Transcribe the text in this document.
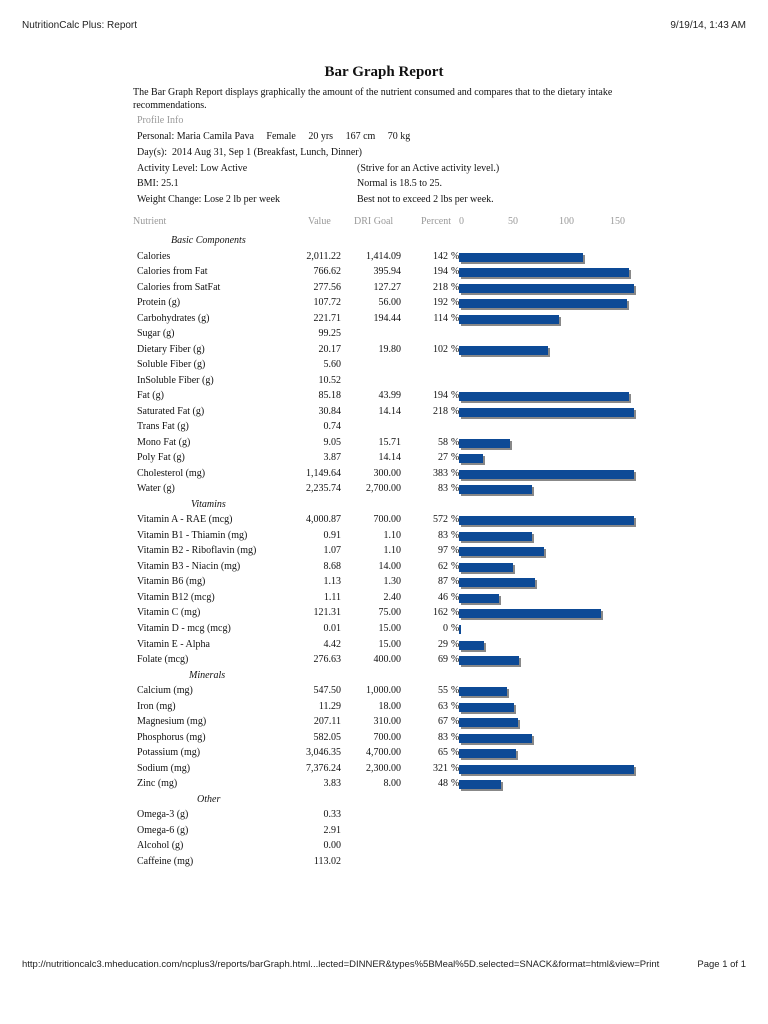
NutritionCalc Plus: Report	9/19/14, 1:43 AM
Bar Graph Report
The Bar Graph Report displays graphically the amount of the nutrient consumed and compares that to the dietary intake recommendations.
Profile Info
Personal: Maria Camila Pava     Female     20 yrs     167 cm     70 kg
Day(s):  2014 Aug 31, Sep 1 (Breakfast, Lunch, Dinner)
Activity Level: Low Active	(Strive for an Active activity level.)
BMI: 25.1	Normal is 18.5 to 25.
Weight Change: Lose 2 lb per week	Best not to exceed 2 lbs per week.
Nutrient	Value DRI Goal	Percent 0	50	100	150
Basic Components
Calories	2,011.22	1,414.09	142 %
Calories from Fat	766.62	395.94	194 %
Calories from SatFat	277.56	127.27	218 %
Protein (g)	107.72	56.00	192 %
Carbohydrates (g)	221.71	194.44	114 %
Sugar (g)	99.25
Dietary Fiber (g)	20.17	19.80	102 %
Soluble Fiber (g)	5.60
InSoluble Fiber (g)	10.52
Fat (g)	85.18	43.99	194 %
Saturated Fat (g)	30.84	14.14	218 %
Trans Fat (g)	0.74
Mono Fat (g)	9.05	15.71	58 %
Poly Fat (g)	3.87	14.14	27 %
Cholesterol (mg)	1,149.64	300.00	383 %
Water (g)	2,235.74	2,700.00	83 %
Vitamins
Vitamin A - RAE (mcg)	4,000.87	700.00	572 %
Vitamin B1 - Thiamin (mg)	0.91	1.10	83 %
Vitamin B2 - Riboflavin (mg)	1.07	1.10	97 %
Vitamin B3 - Niacin (mg)	8.68	14.00	62 %
Vitamin B6 (mg)	1.13	1.30	87 %
Vitamin B12 (mcg)	1.11	2.40	46 %
Vitamin C (mg)	121.31	75.00	162 %
Vitamin D - mcg (mcg)	0.01	15.00	0 %
Vitamin E - Alpha	4.42	15.00	29 %
Folate (mcg)	276.63	400.00	69 %
Minerals
Calcium (mg)	547.50	1,000.00	55 %
Iron (mg)	11.29	18.00	63 %
Magnesium (mg)	207.11	310.00	67 %
Phosphorus (mg)	582.05	700.00	83 %
Potassium (mg)	3,046.35	4,700.00	65 %
Sodium (mg)	7,376.24	2,300.00	321 %
Zinc (mg)	3.83	8.00	48 %
Other
Omega-3 (g)	0.33
Omega-6 (g)	2.91
Alcohol (g)	0.00
Caffeine (mg)	113.02
http://nutritioncalc3.mheducation.com/ncplus3/reports/barGraph.html...lected=DINNER&types%5BMeal%5D.selected=SNACK&format=html&view=Print	Page 1 of 1
